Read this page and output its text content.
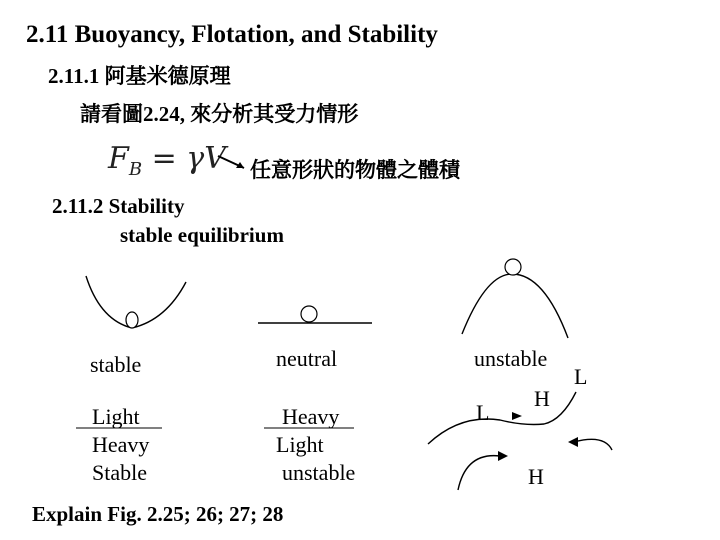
2.11 Buoyancy, Flotation, and Stability
2.11.1 阿基米德原理
請看圖2.24, 來分析其受力情形
$F_B = \gamma V$ 任意形狀的物體之體積
2.11.2 Stability
stable equilibrium
stable	neutral	unstable
L
L
H
H
Light
Heavy
Stable
Heavy
Light
unstable
Explain Fig. 2.25; 26; 27; 28
